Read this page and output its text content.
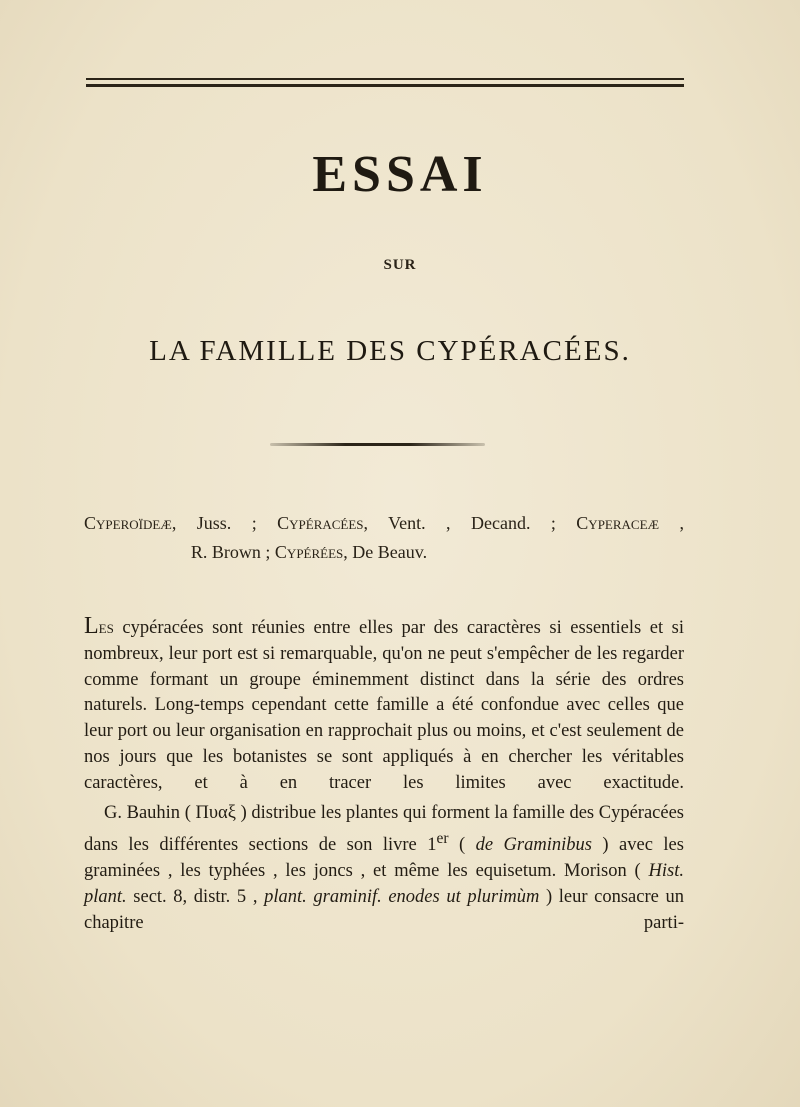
ESSAI
SUR
LA FAMILLE DES CYPÉRACÉES.
Cyperoïdeæ, Juss. ; Cypéracées, Vent. , Decand. ; Cyperaceæ ,
R. Brown ; Cypérées, De Beauv.

Les cypéracées sont réunies entre elles par des caractères si essentiels et si nombreux, leur port est si remarquable, qu'on ne peut s'empêcher de les regarder comme formant un groupe éminemment distinct dans la série des ordres naturels. Long-temps cependant cette famille a été confondue avec celles que leur port ou leur organisation en rapprochait plus ou moins, et c'est seulement de nos jours que les botanistes se sont appliqués à en chercher les véritables caractères, et à en tracer les limites avec exactitude.

G. Bauhin ( Πυαξ ) distribue les plantes qui forment la famille des Cypéracées dans les différentes sections de son livre 1er ( de Graminibus ) avec les graminées , les typhées , les joncs , et même les equisetum. Morison ( Hist. plant. sect. 8, distr. 5 , plant. graminif. enodes ut plurimùm ) leur consacre un chapitre parti-
